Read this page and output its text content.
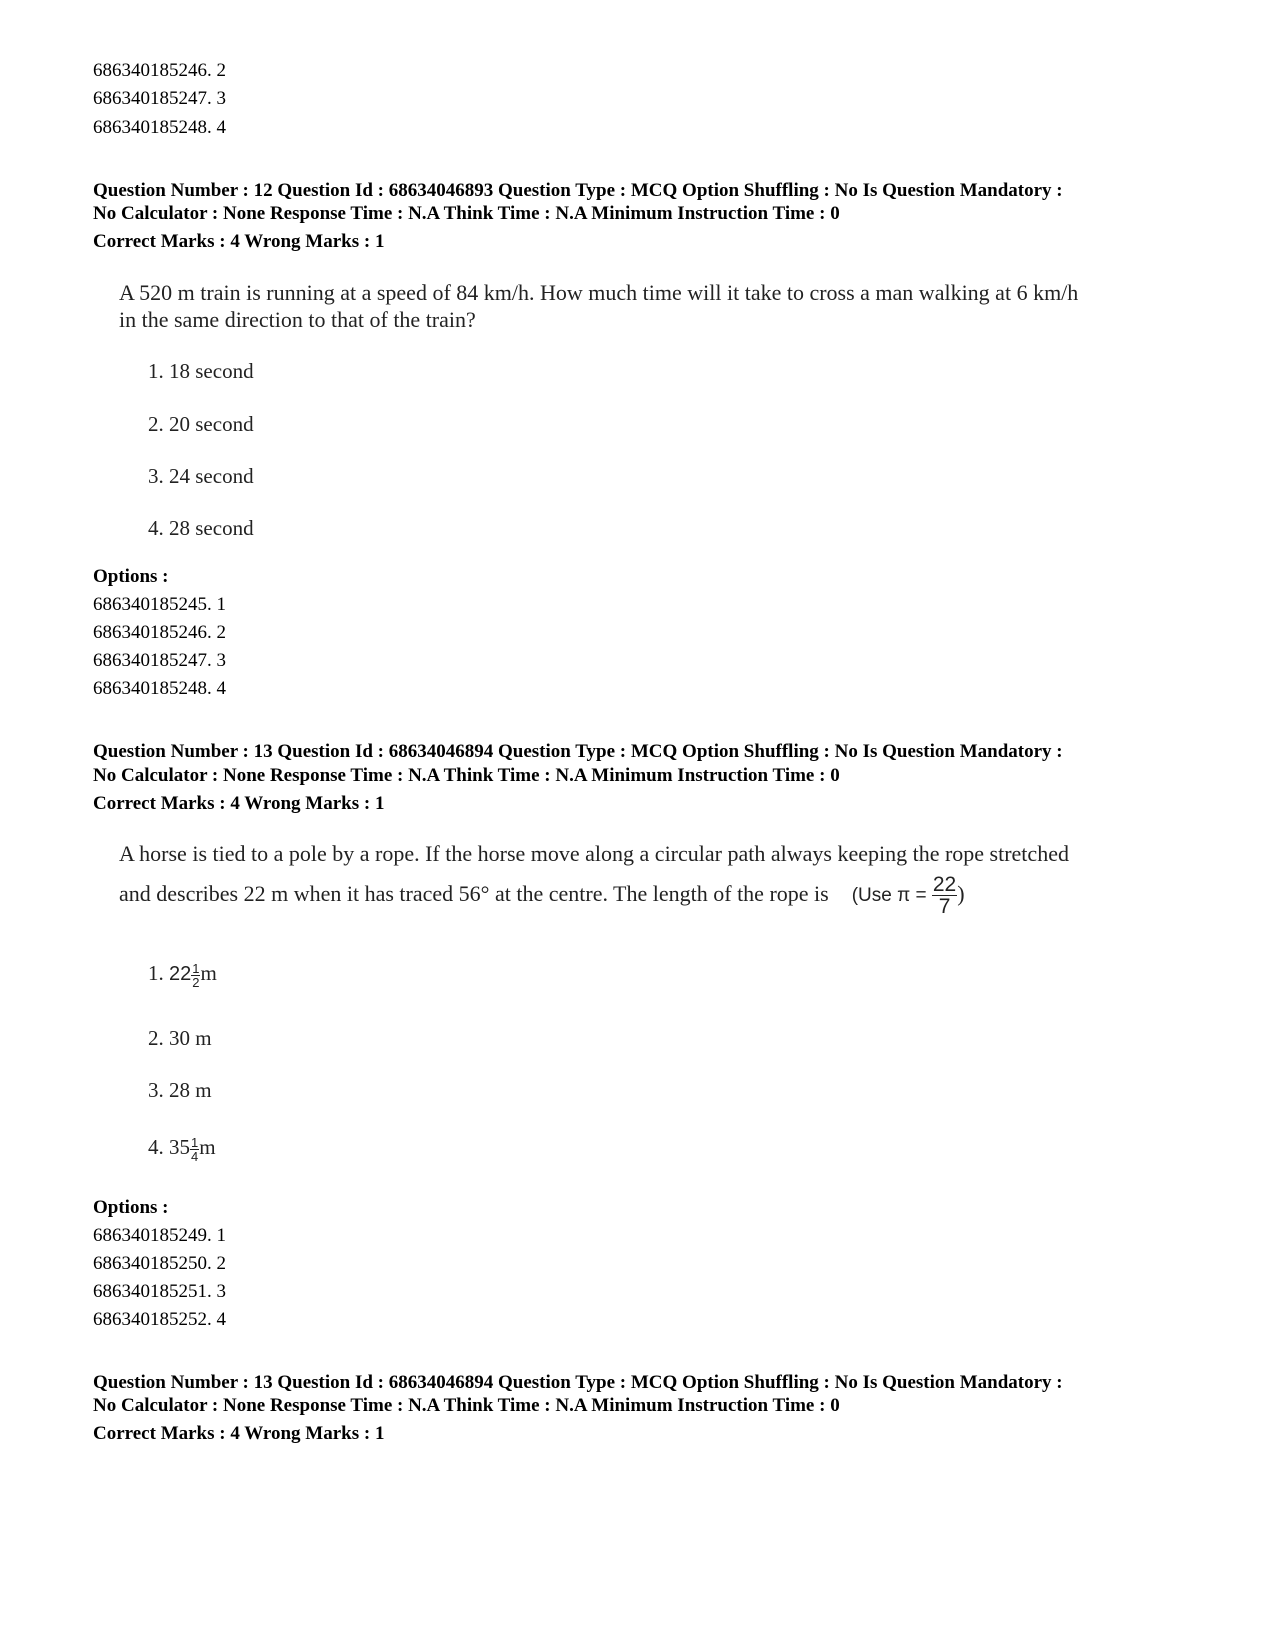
686340185246. 2
686340185247. 3
686340185248. 4
Question Number : 12 Question Id : 68634046893 Question Type : MCQ Option Shuffling : No Is Question Mandatory :
No Calculator : None Response Time : N.A Think Time : N.A Minimum Instruction Time : 0
Correct Marks : 4 Wrong Marks : 1
A 520 m train is running at a speed of 84 km/h. How much time will it take to cross a man walking at 6 km/h
in the same direction to that of the train?
1. 18 second
2. 20 second
3. 24 second
4. 28 second
Options :
686340185245. 1
686340185246. 2
686340185247. 3
686340185248. 4
Question Number : 13 Question Id : 68634046894 Question Type : MCQ Option Shuffling : No Is Question Mandatory :
No Calculator : None Response Time : N.A Think Time : N.A Minimum Instruction Time : 0
Correct Marks : 4 Wrong Marks : 1
A horse is tied to a pole by a rope. If the horse move along a circular path always keeping the rope stretched
and describes 22 m when it has traced 56° at the centre. The length of the rope is (Use $\pi = \frac{22}{7}$ )
1. $22 \frac{1}{2}$ m
2. 30 m
3. 28 m
4. $35 \frac{1}{4}$ m
Options :
686340185249. 1
686340185250. 2
686340185251. 3
686340185252. 4
Question Number : 13 Question Id : 68634046894 Question Type : MCQ Option Shuffling : No Is Question Mandatory :
No Calculator : None Response Time : N.A Think Time : N.A Minimum Instruction Time : 0
Correct Marks : 4 Wrong Marks : 1
